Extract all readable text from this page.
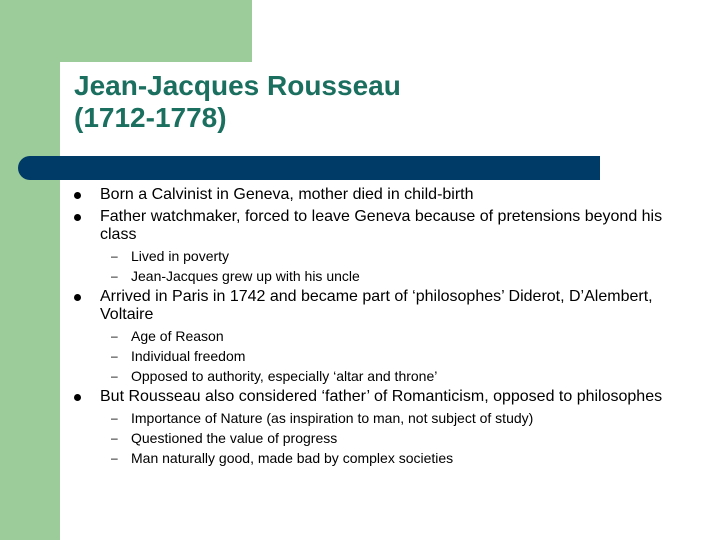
Jean-Jacques Rousseau
(1712-1778)
Born a Calvinist in Geneva, mother died in child-birth
Father watchmaker, forced to leave Geneva because of pretensions beyond his class
– Lived in poverty
– Jean-Jacques grew up with his uncle
Arrived in Paris in 1742 and became part of ‘philosophes’ Diderot, D’Alembert, Voltaire
– Age of Reason
– Individual freedom
– Opposed to authority, especially ‘altar and throne’
But Rousseau also considered ‘father’ of Romanticism, opposed to philosophes
– Importance of Nature (as inspiration to man, not subject of study)
– Questioned the value of progress
– Man naturally good, made bad by complex societies
